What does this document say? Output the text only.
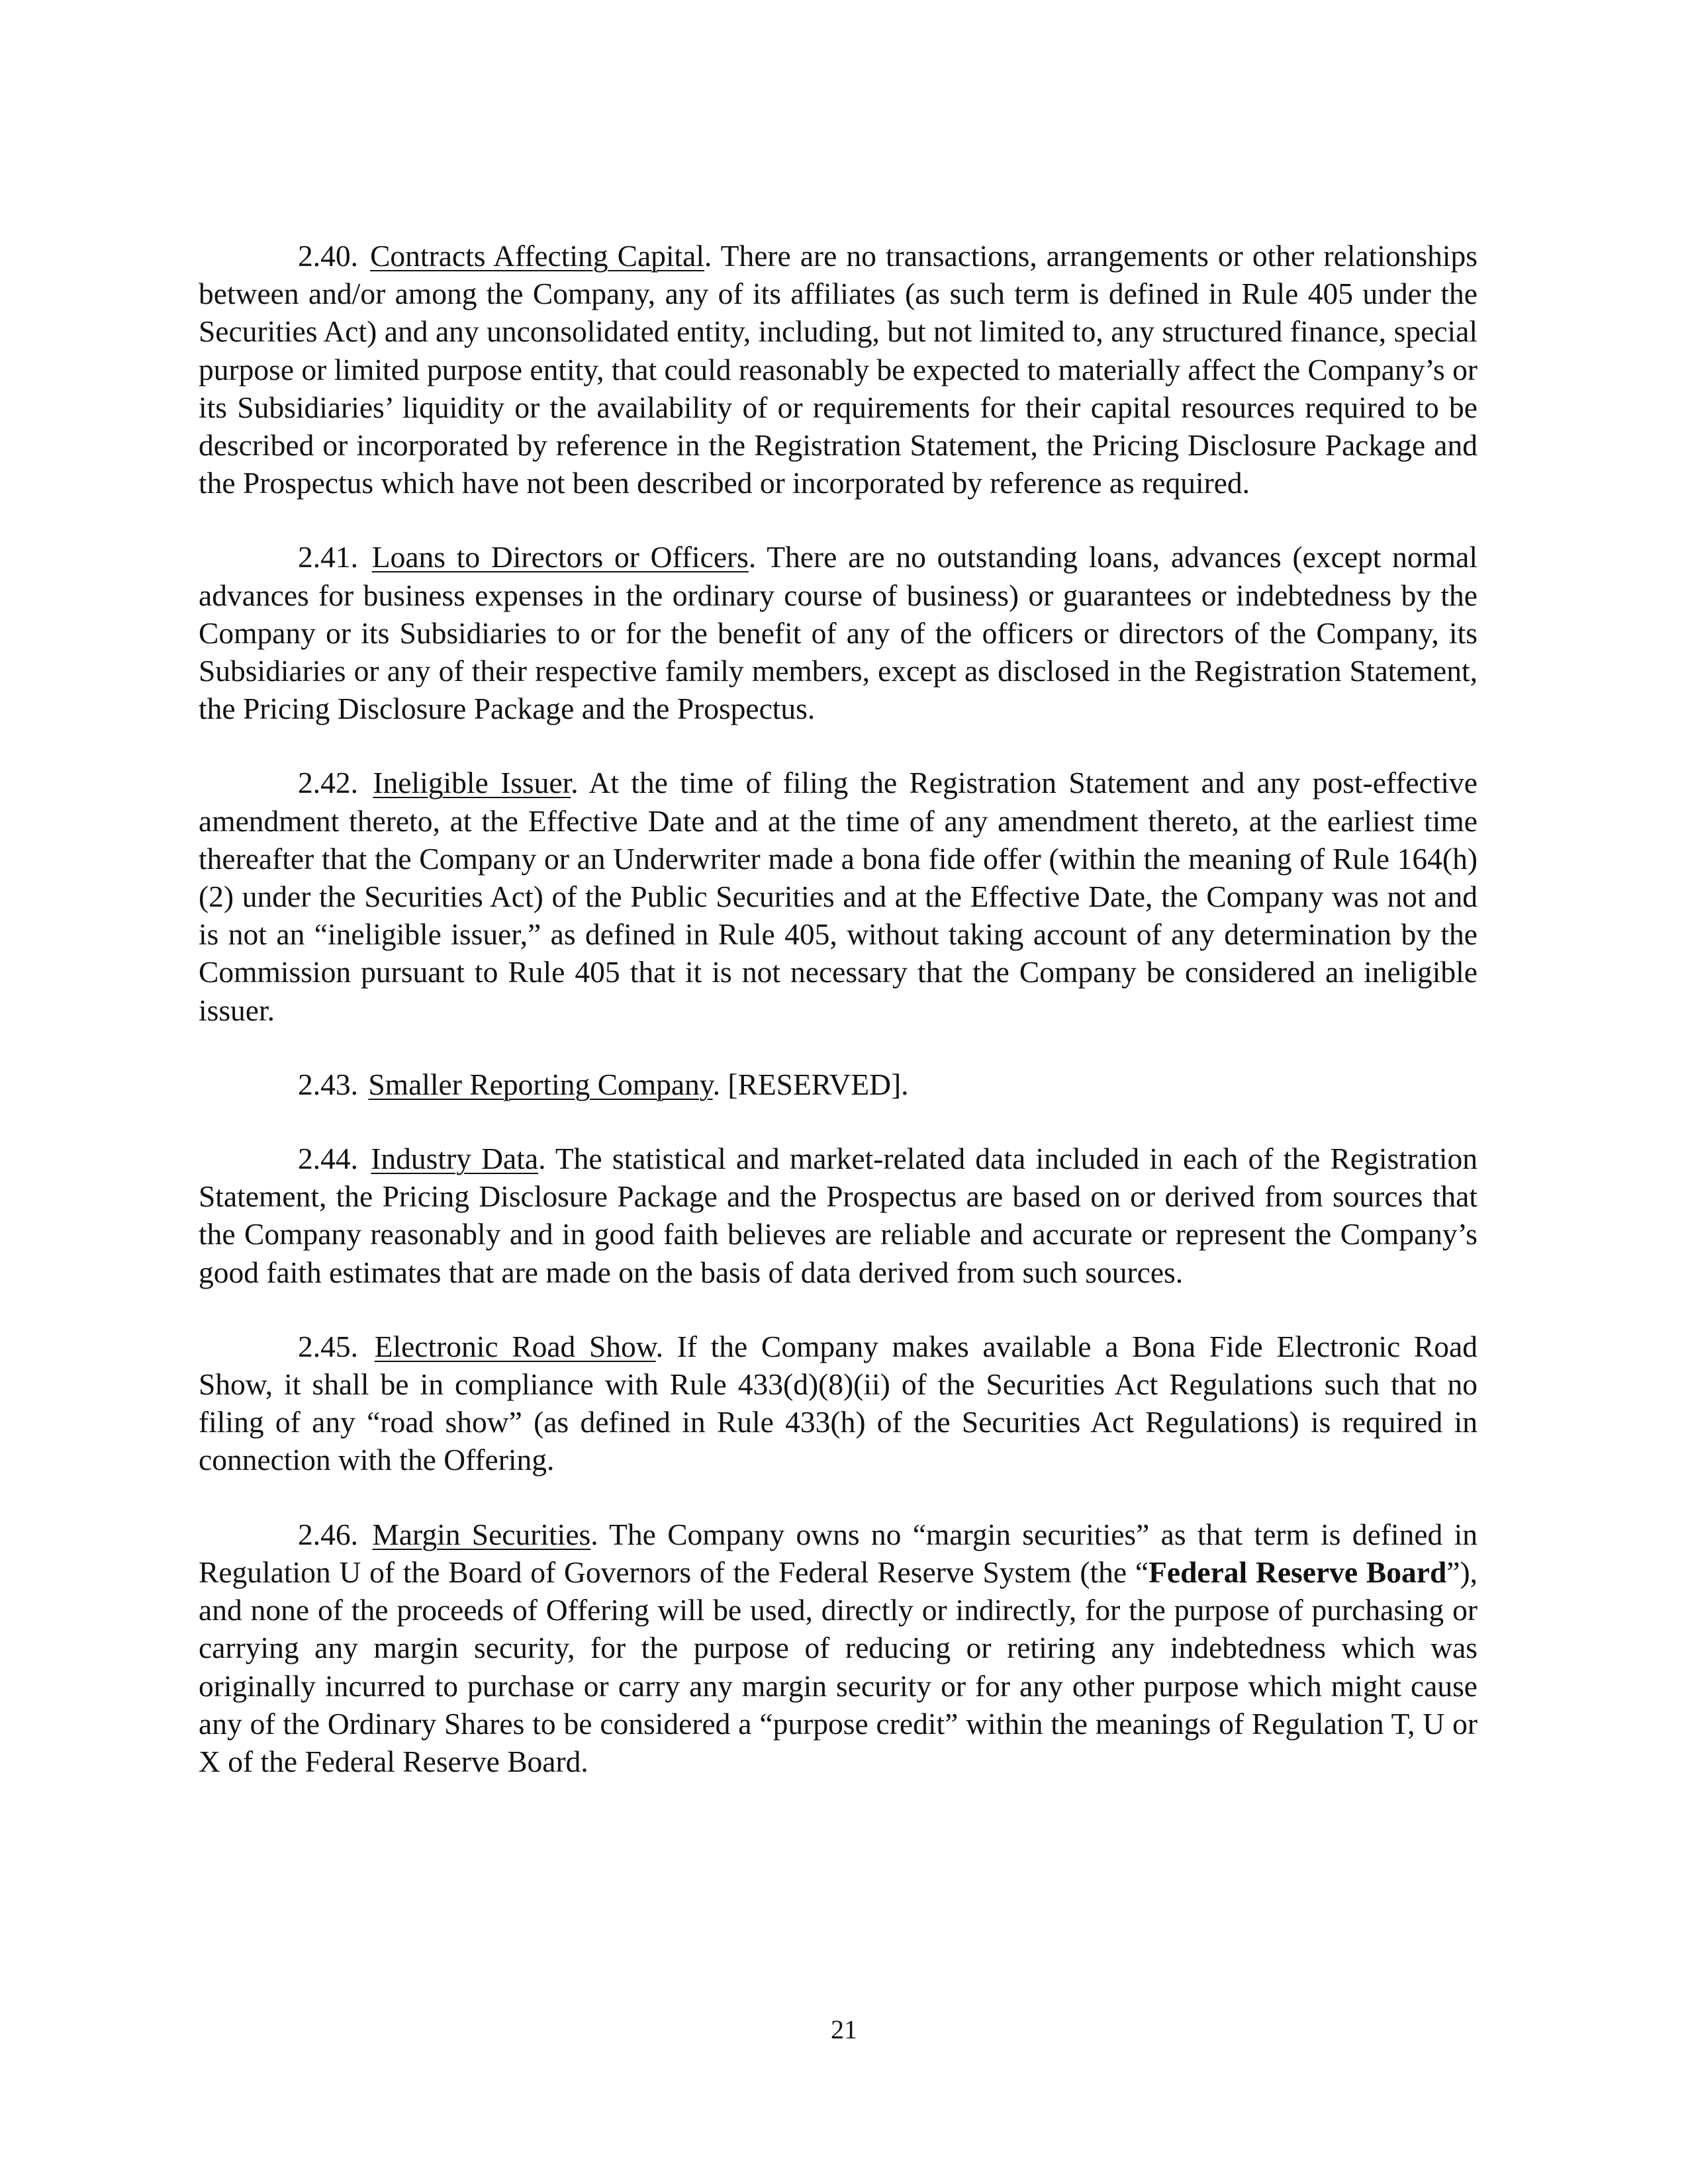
2.40. Contracts Affecting Capital. There are no transactions, arrangements or other relationships between and/or among the Company, any of its affiliates (as such term is defined in Rule 405 under the Securities Act) and any unconsolidated entity, including, but not limited to, any structured finance, special purpose or limited purpose entity, that could reasonably be expected to materially affect the Company’s or its Subsidiaries’ liquidity or the availability of or requirements for their capital resources required to be described or incorporated by reference in the Registration Statement, the Pricing Disclosure Package and the Prospectus which have not been described or incorporated by reference as required.

2.41. Loans to Directors or Officers. There are no outstanding loans, advances (except normal advances for business expenses in the ordinary course of business) or guarantees or indebtedness by the Company or its Subsidiaries to or for the benefit of any of the officers or directors of the Company, its Subsidiaries or any of their respective family members, except as disclosed in the Registration Statement, the Pricing Disclosure Package and the Prospectus.

2.42. Ineligible Issuer. At the time of filing the Registration Statement and any post-effective amendment thereto, at the Effective Date and at the time of any amendment thereto, at the earliest time thereafter that the Company or an Underwriter made a bona fide offer (within the meaning of Rule 164(h)(2) under the Securities Act) of the Public Securities and at the Effective Date, the Company was not and is not an “ineligible issuer,” as defined in Rule 405, without taking account of any determination by the Commission pursuant to Rule 405 that it is not necessary that the Company be considered an ineligible issuer.

2.43. Smaller Reporting Company. [RESERVED].

2.44. Industry Data. The statistical and market-related data included in each of the Registration Statement, the Pricing Disclosure Package and the Prospectus are based on or derived from sources that the Company reasonably and in good faith believes are reliable and accurate or represent the Company’s good faith estimates that are made on the basis of data derived from such sources.

2.45. Electronic Road Show. If the Company makes available a Bona Fide Electronic Road Show, it shall be in compliance with Rule 433(d)(8)(ii) of the Securities Act Regulations such that no filing of any “road show” (as defined in Rule 433(h) of the Securities Act Regulations) is required in connection with the Offering.

2.46. Margin Securities. The Company owns no “margin securities” as that term is defined in Regulation U of the Board of Governors of the Federal Reserve System (the “Federal Reserve Board”), and none of the proceeds of Offering will be used, directly or indirectly, for the purpose of purchasing or carrying any margin security, for the purpose of reducing or retiring any indebtedness which was originally incurred to purchase or carry any margin security or for any other purpose which might cause any of the Ordinary Shares to be considered a “purpose credit” within the meanings of Regulation T, U or X of the Federal Reserve Board.

21
